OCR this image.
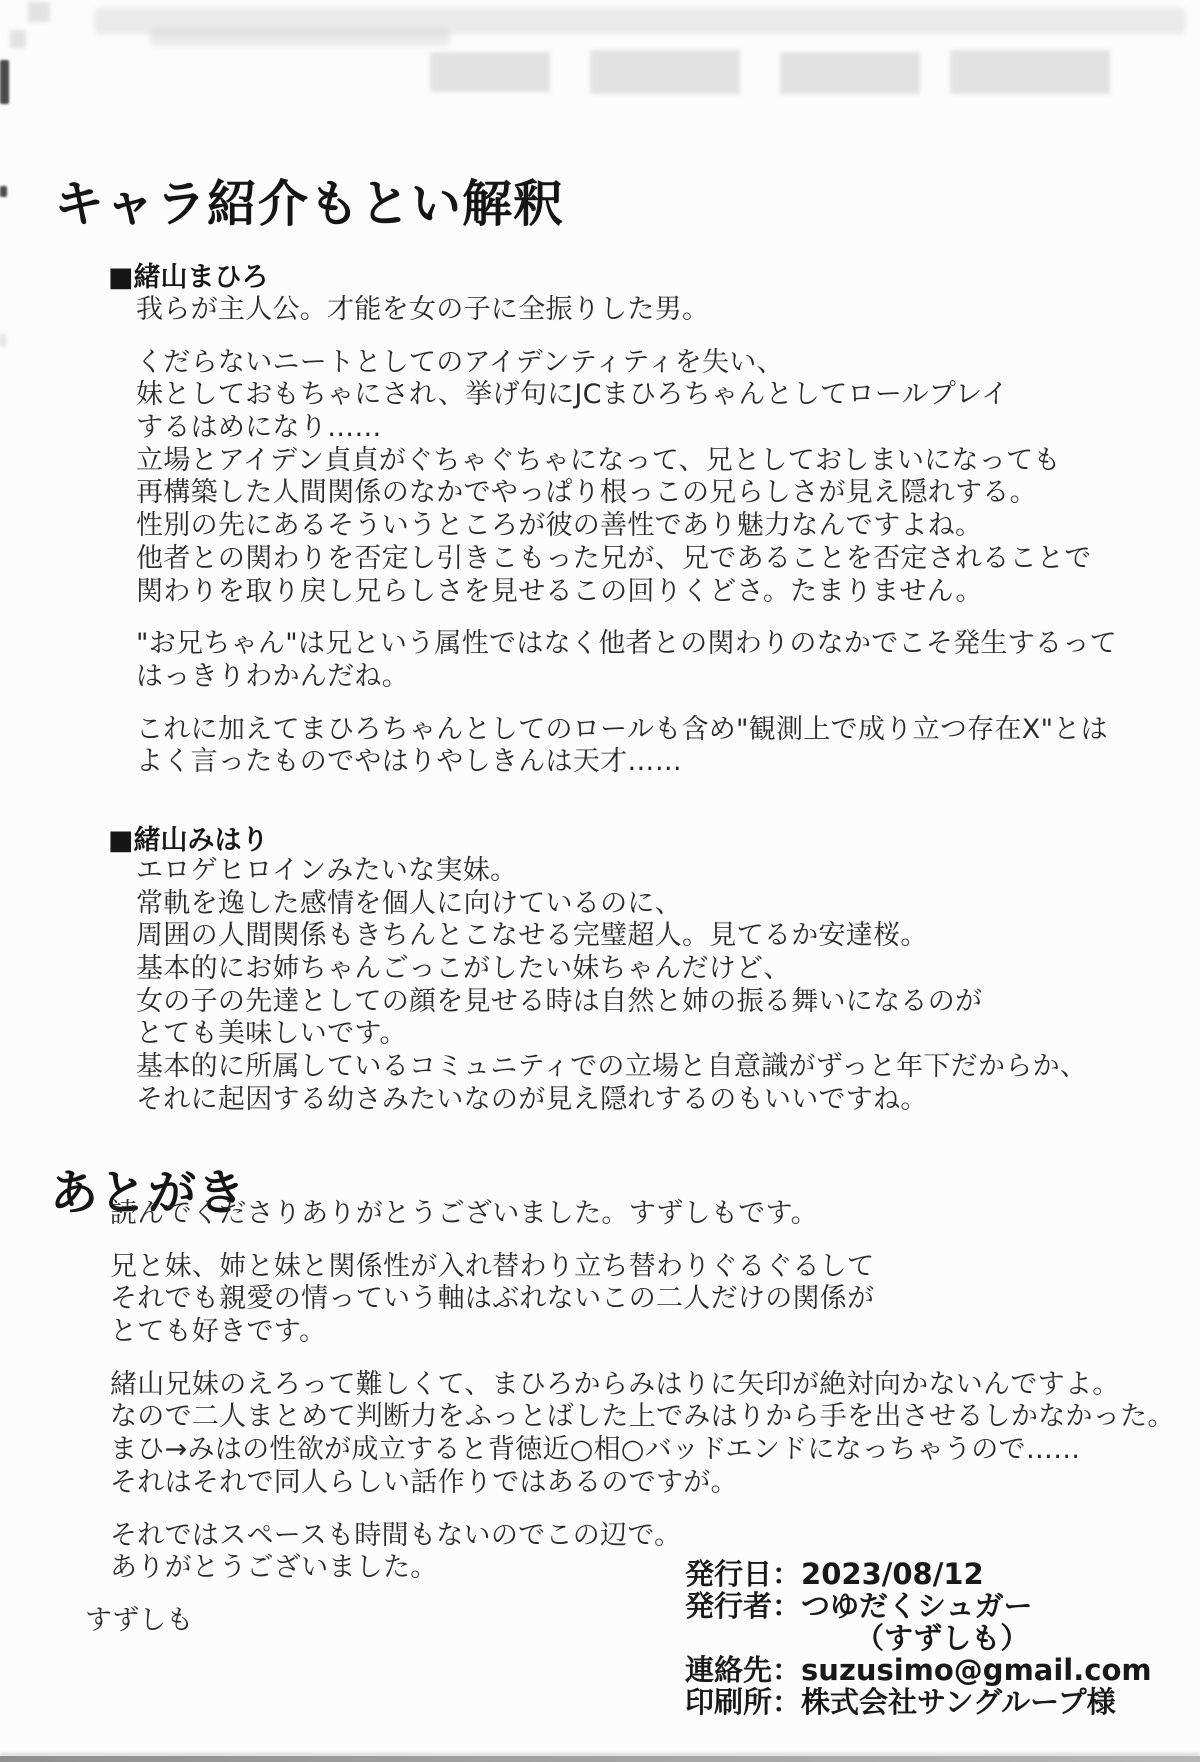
キャラ紹介もとい解釈
■緒山まひろ
我らが主人公。才能を女の子に全振りした男。
くだらないニートとしてのアイデンティティを失い、
妹としておもちゃにされ、挙げ句にJCまひろちゃんとしてロールプレイ
するはめになり……
立場とアイデン貞貞がぐちゃぐちゃになって、兄としておしまいになっても
再構築した人間関係のなかでやっぱり根っこの兄らしさが見え隠れする。
性別の先にあるそういうところが彼の善性であり魅力なんですよね。
他者との関わりを否定し引きこもった兄が、兄であることを否定されることで
関わりを取り戻し兄らしさを見せるこの回りくどさ。たまりません。
"お兄ちゃん"は兄という属性ではなく他者との関わりのなかでこそ発生するって
はっきりわかんだね。
これに加えてまひろちゃんとしてのロールも含め"観測上で成り立つ存在X"とは
よく言ったものでやはりやしきんは天才……
■緒山みはり
エロゲヒロインみたいな実妹。
常軌を逸した感情を個人に向けているのに、
周囲の人間関係もきちんとこなせる完璧超人。見てるか安達桜。
基本的にお姉ちゃんごっこがしたい妹ちゃんだけど、
女の子の先達としての顔を見せる時は自然と姉の振る舞いになるのが
とても美味しいです。
基本的に所属しているコミュニティでの立場と自意識がずっと年下だからか、
それに起因する幼さみたいなのが見え隠れするのもいいですね。
あとがき
読んでくださりありがとうございました。すずしもです。
兄と妹、姉と妹と関係性が入れ替わり立ち替わりぐるぐるして
それでも親愛の情っていう軸はぶれないこの二人だけの関係が
とても好きです。
緒山兄妹のえろって難しくて、まひろからみはりに矢印が絶対向かないんですよ。
なので二人まとめて判断力をふっとばした上でみはりから手を出させるしかなかった。
まひ→みはの性欲が成立すると背徳近○相○バッドエンドになっちゃうので……
それはそれで同人らしい話作りではあるのですが。
それではスペースも時間もないのでこの辺で。
ありがとうございました。
すずしも
発行日：2023/08/12
発行者：つゆだくシュガー
（すずしも）
連絡先：suzusimo@gmail.com
印刷所：株式会社サングループ様
